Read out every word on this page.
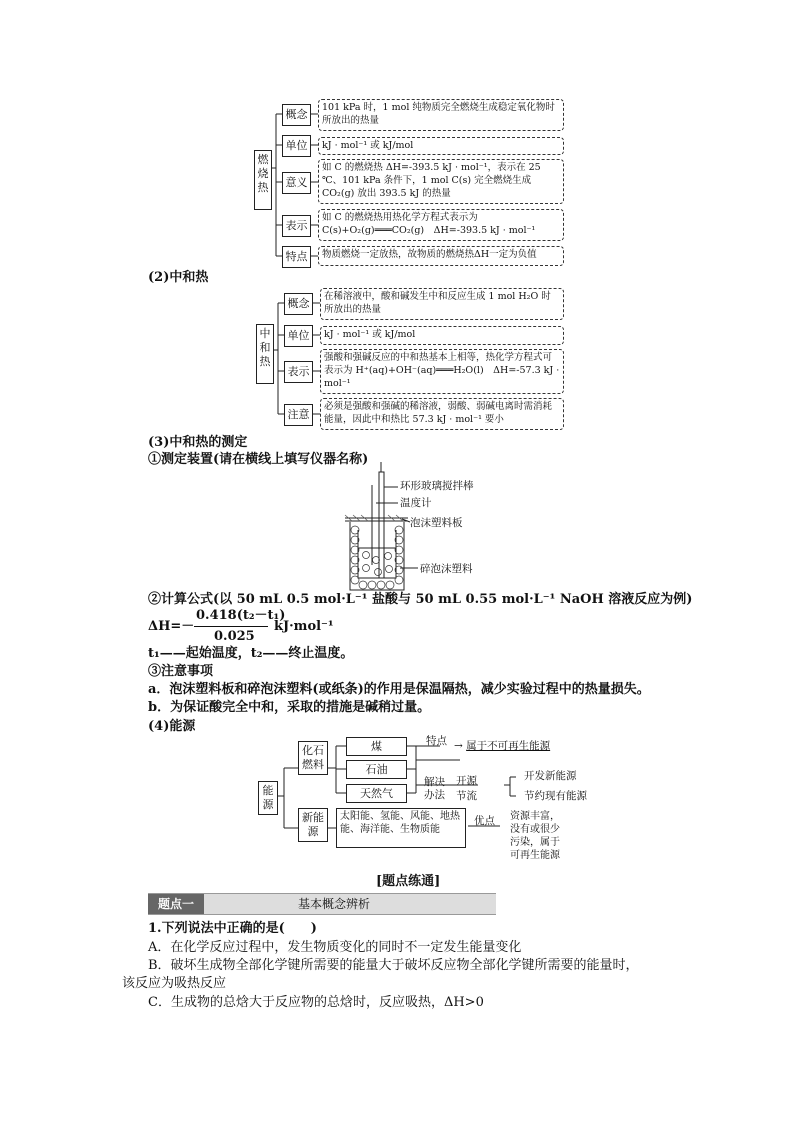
燃烧热
概念
101 kPa 时，1 mol 纯物质完全燃烧生成稳定氧化物时所放出的热量
单位	kJ · mol⁻¹ 或 kJ/mol
意义
如 C 的燃烧热 ΔH=-393.5 kJ · mol⁻¹，表示在 25 ℃、101 kPa 条件下，1 mol C(s) 完全燃烧生成 CO₂(g) 放出 393.5 kJ 的热量
表示
如 C 的燃烧热用热化学方程式表示为 C(s)+O₂(g)═══CO₂(g)　ΔH=-393.5 kJ · mol⁻¹
特点	物质燃烧一定放热，故物质的燃烧热ΔH一定为负值
(2)中和热
中和热
概念
在稀溶液中，酸和碱发生中和反应生成 1 mol H₂O 时所放出的热量
单位	kJ · mol⁻¹ 或 kJ/mol
表示
强酸和强碱反应的中和热基本上相等，热化学方程式可表示为 H⁺(aq)+OH⁻(aq)═══H₂O(l)　ΔH=-57.3 kJ · mol⁻¹
注意
必须是强酸和强碱的稀溶液，弱酸、弱碱电离时需消耗能量，因此中和热比 57.3 kJ · mol⁻¹ 要小
(3)中和热的测定
①测定装置(请在横线上填写仪器名称)
环形玻璃搅拌棒
温度计
泡沫塑料板
碎泡沫塑料
②计算公式(以 50 mL 0.5 mol·L⁻¹ 盐酸与 50 mL 0.55 mol·L⁻¹ NaOH 溶液反应为例)
ΔH=－
0.418(t₂－t₁)
0.025
kJ·mol⁻¹
t₁——起始温度，t₂——终止温度。
③注意事项
a．泡沫塑料板和碎泡沫塑料(或纸条)的作用是保温隔热，减少实验过程中的热量损失。
b．为保证酸完全中和，采取的措施是碱稍过量。
(4)能源
能源
化石燃料
煤
石油
天然气
特点 → 属于不可再生能源
解决办法
开源
节流
开发新能源
节约现有能源
新能源
太阳能、氢能、风能、地热能、海洋能、生物质能
优点 资源丰富，没有或很少污染，属于可再生能源
[题点练通]
题点一	基本概念辨析
1.下列说法中正确的是(　　)
A．在化学反应过程中，发生物质变化的同时不一定发生能量变化
B．破坏生成物全部化学键所需要的能量大于破坏反应物全部化学键所需要的能量时，
该反应为吸热反应
C．生成物的总焓大于反应物的总焓时，反应吸热，ΔH>0
